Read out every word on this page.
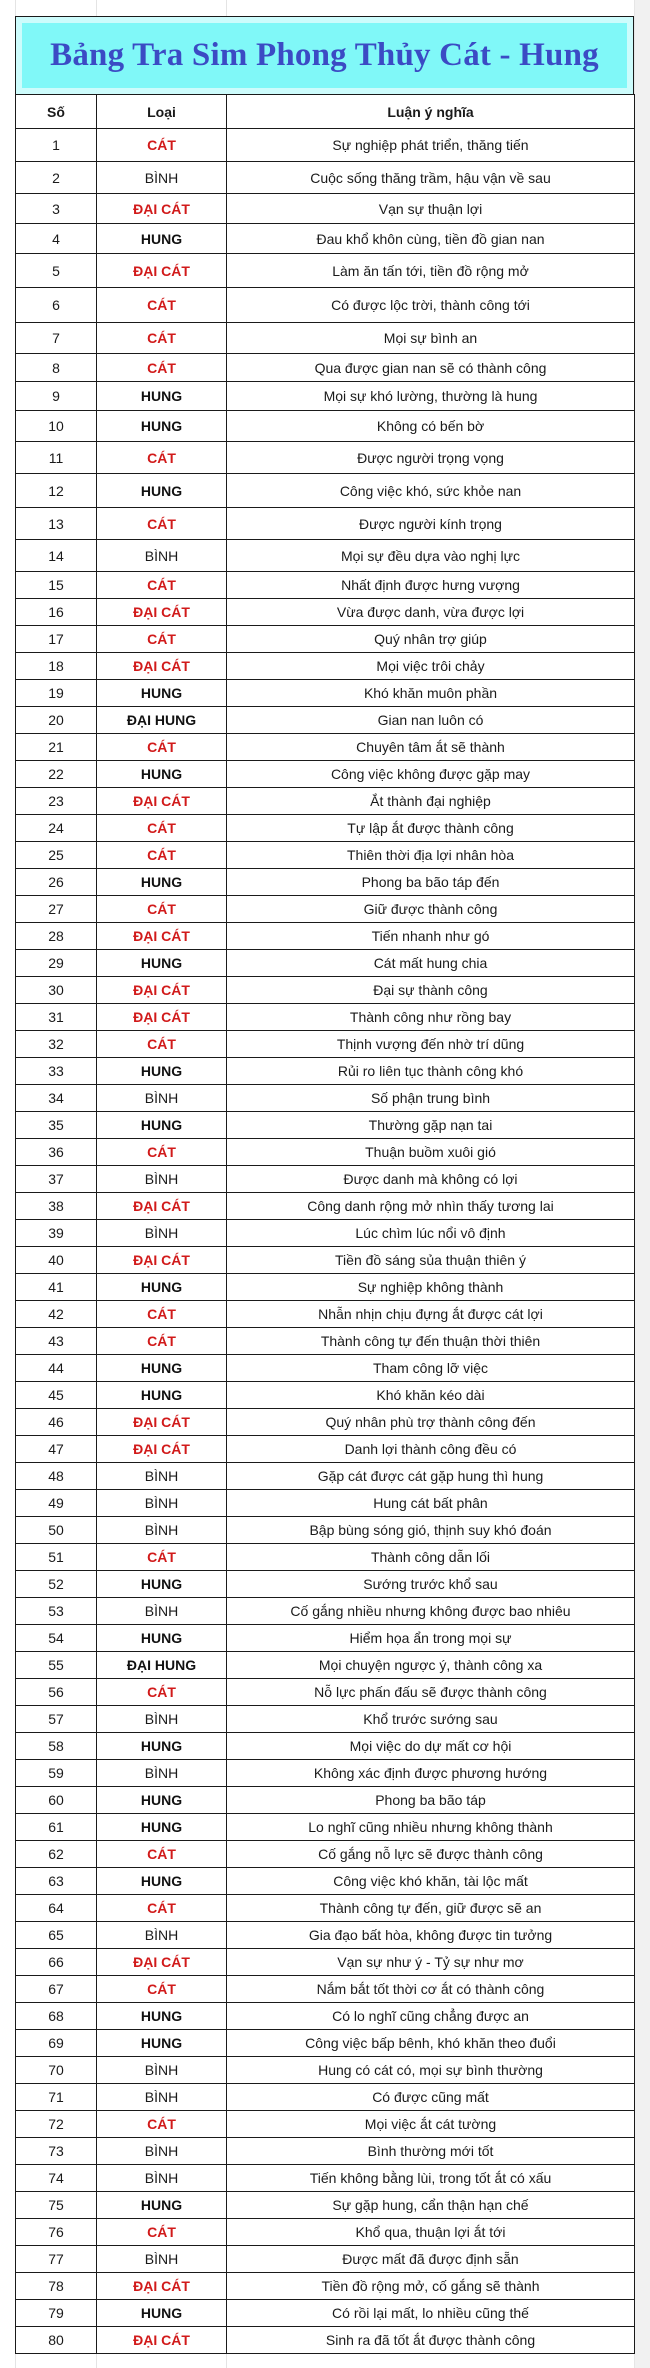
Bảng Tra Sim Phong Thủy Cát - Hung
Số	Loại	Luận ý nghĩa
1	CÁT	Sự nghiệp phát triển, thăng tiến
2	BÌNH	Cuộc sống thăng trầm, hậu vận về sau
3	ĐẠI CÁT	Vạn sự thuận lợi
4	HUNG	Đau khổ khôn cùng, tiền đồ gian nan
5	ĐẠI CÁT	Làm ăn tấn tới, tiền đồ rộng mở
6	CÁT	Có được lộc trời, thành công tới
7	CÁT	Mọi sự bình an
8	CÁT	Qua được gian nan sẽ có thành công
9	HUNG	Mọi sự khó lường, thường là hung
10	HUNG	Không có bến bờ
11	CÁT	Được người trọng vọng
12	HUNG	Công việc khó, sức khỏe nan
13	CÁT	Được người kính trọng
14	BÌNH	Mọi sự đều dựa vào nghị lực
15	CÁT	Nhất định được hưng vượng
16	ĐẠI CÁT	Vừa được danh, vừa được lợi
17	CÁT	Quý nhân trợ giúp
18	ĐẠI CÁT	Mọi việc trôi chảy
19	HUNG	Khó khăn muôn phần
20	ĐẠI HUNG	Gian nan luôn có
21	CÁT	Chuyên tâm ắt sẽ thành
22	HUNG	Công việc không được gặp may
23	ĐẠI CÁT	Ắt thành đại nghiệp
24	CÁT	Tự lập ắt được thành công
25	CÁT	Thiên thời địa lợi nhân hòa
26	HUNG	Phong ba bão táp đến
27	CÁT	Giữ được thành công
28	ĐẠI CÁT	Tiến nhanh như gó
29	HUNG	Cát mất hung chia
30	ĐẠI CÁT	Đại sự thành công
31	ĐẠI CÁT	Thành công như rồng bay
32	CÁT	Thịnh vượng đến nhờ trí dũng
33	HUNG	Rủi ro liên tục thành công khó
34	BÌNH	Số phận trung bình
35	HUNG	Thường gặp nạn tai
36	CÁT	Thuận buồm xuôi gió
37	BÌNH	Được danh mà không có lợi
38	ĐẠI CÁT	Công danh rộng mở nhìn thấy tương lai
39	BÌNH	Lúc chìm lúc nổi vô định
40	ĐẠI CÁT	Tiền đồ sáng sủa thuận thiên ý
41	HUNG	Sự nghiệp không thành
42	CÁT	Nhẫn nhịn chịu đựng ắt được cát lợi
43	CÁT	Thành công tự đến thuận thời thiên
44	HUNG	Tham công lỡ việc
45	HUNG	Khó khăn kéo dài
46	ĐẠI CÁT	Quý nhân phù trợ thành công đến
47	ĐẠI CÁT	Danh lợi thành công đều có
48	BÌNH	Gặp cát được cát gặp hung thì hung
49	BÌNH	Hung cát bất phân
50	BÌNH	Bập bùng sóng gió, thịnh suy khó đoán
51	CÁT	Thành công dẫn lối
52	HUNG	Sướng trước khổ sau
53	BÌNH	Cố gắng nhiều nhưng không được bao nhiêu
54	HUNG	Hiểm họa ẩn trong mọi sự
55	ĐẠI HUNG	Mọi chuyện ngược ý, thành công xa
56	CÁT	Nỗ lực phấn đấu sẽ được thành công
57	BÌNH	Khổ trước sướng sau
58	HUNG	Mọi việc do dự mất cơ hội
59	BÌNH	Không xác định được phương hướng
60	HUNG	Phong ba bão táp
61	HUNG	Lo nghĩ cũng nhiều nhưng không thành
62	CÁT	Cố gắng nỗ lực sẽ được thành công
63	HUNG	Công việc khó khăn, tài lộc mất
64	CÁT	Thành công tự đến, giữ được sẽ an
65	BÌNH	Gia đạo bất hòa, không được tin tưởng
66	ĐẠI CÁT	Vạn sự như ý - Tỷ sự như mơ
67	CÁT	Nắm bắt tốt thời cơ ắt có thành công
68	HUNG	Có lo nghĩ cũng chẳng được an
69	HUNG	Công việc bấp bênh, khó khăn theo đuổi
70	BÌNH	Hung có cát có, mọi sự bình thường
71	BÌNH	Có được cũng mất
72	CÁT	Mọi việc ắt cát tường
73	BÌNH	Bình thường mới tốt
74	BÌNH	Tiến không bằng lùi, trong tốt ắt có xấu
75	HUNG	Sự gặp hung, cẩn thận hạn chế
76	CÁT	Khổ qua, thuận lợi ắt tới
77	BÌNH	Được mất đã được định sẵn
78	ĐẠI CÁT	Tiền đồ rộng mở, cố gắng sẽ thành
79	HUNG	Có rồi lại mất, lo nhiều cũng thế
80	ĐẠI CÁT	Sinh ra đã tốt ắt được thành công
